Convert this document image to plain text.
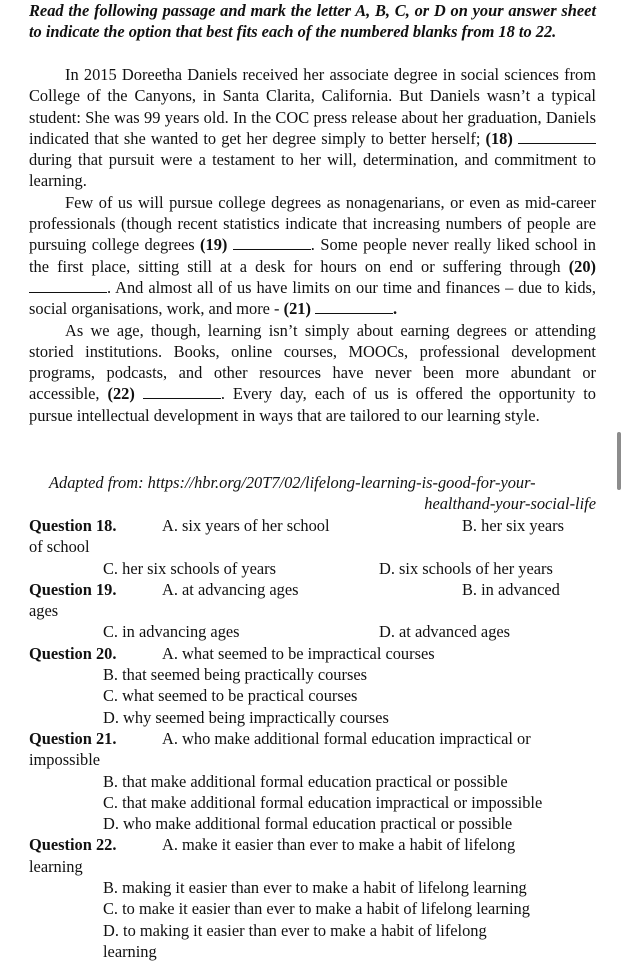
Read the following passage and mark the letter A, B, C, or D on your answer sheet to indicate the option that best fits each of the numbered blanks from 18 to 22.

In 2015 Doreetha Daniels received her associate degree in social sciences from College of the Canyons, in Santa Clarita, California. But Daniels wasn’t a typical student: She was 99 years old. In the COC press release about her graduation, Daniels indicated that she wanted to get her degree simply to better herself; (18)  during that pursuit were a testament to her will, determination, and commitment to learning.

Few of us will pursue college degrees as nonagenarians, or even as mid-career professionals (though recent statistics indicate that increasing numbers of people are pursuing college degrees (19)	. Some people never really liked school in the first place, sitting still at a desk for hours on end or suffering through (20) . And almost all of us have limits on our time and finances – due to kids, social organisations, work, and more - (21)	.

As we age, though, learning isn’t simply about earning degrees or attending storied institutions. Books, online courses, MOOCs, professional development programs, podcasts, and other resources have never been more abundant or accessible, (22)	. Every day, each of us is offered the opportunity to pursue intellectual development in ways that are tailored to our learning style.

Adapted from: https://hbr.org/20T7/02/lifelong-learning-is-good-for-your-
healthand-your-social-life
Question 18.	A. six years of her school	B. her six years
of school
C. her six schools of years	D. six schools of her years
Question 19.	A. at advancing ages	B. in advanced
ages
C. in advancing ages	D. at advanced ages
Question 20.	A. what seemed to be impractical courses
B. that seemed being practically courses
C. what seemed to be practical courses
D. why seemed being impractically courses
Question 21.	A. who make additional formal education impractical or
impossible
B. that make additional formal education practical or possible
C. that make additional formal education impractical or impossible
D. who make additional formal education practical or possible
Question 22.	A. make it easier than ever to make a habit of lifelong
learning
B. making it easier than ever to make a habit of lifelong learning
C. to make it easier than ever to make a habit of lifelong learning
D. to making it easier than ever to make a habit of lifelong
learning
